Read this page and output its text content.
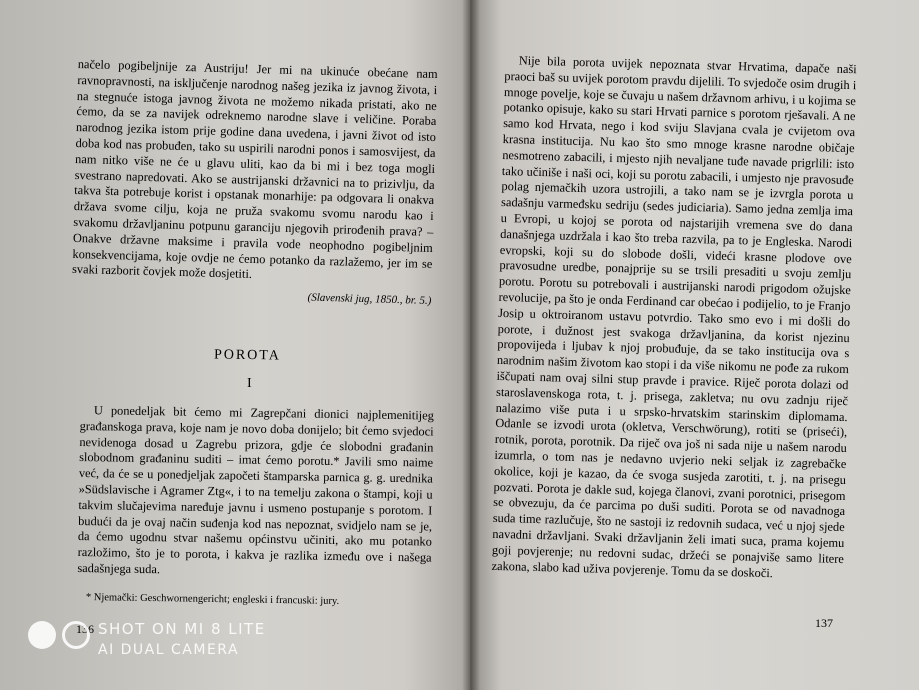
načelo pogibeljnije za Austriju! Jer mi na ukinuće obećane nam ravnopravnosti, na isključenje narodnog našeg jezika iz javnog života, i na stegnuće istoga javnog života ne možemo nikada pristati, ako ne ćemo, da se za navijek odreknemo narodne slave i veličine. Poraba narodnog jezika istom prije godine dana uvedena, i javni život od isto doba kod nas probuđen, tako su uspirili narodni ponos i samosvijest, da nam nitko više ne će u glavu uliti, kao da bi mi i bez toga mogli svestrano napredovati. Ako se austrijanski državnici na to prizivlju, da takva šta potrebuje korist i opstanak monarhije: pa odgovara li onakva država svome cilju, koja ne pruža svakomu svomu narodu kao i svakomu državljaninu potpunu garanciju njegovih prirođenih prava? – Onakve državne maksime i pravila vode neophodno pogibeljnim konsekvencijama, koje ovdje ne ćemo potanko da razlažemo, jer im se svaki razborit čovjek može dosjetiti.

(Slavenski jug, 1850., br. 5.)
POROTA
I

U ponedeljak bit ćemo mi Zagrepčani dionici najplemenitijeg građanskoga prava, koje nam je novo doba donijelo; bit ćemo svjedoci nevidenoga dosad u Zagrebu prizora, gdje će slobodni građanin slobodnom građaninu suditi – imat ćemo porotu.* Javili smo naime već, da će se u ponedjeljak započeti štamparska parnica g. g. urednika »Südslavische i Agramer Ztg«, i to na temelju zakona o štampi, koji u takvim slučajevima naređuje javnu i usmeno postupanje s porotom. I budući da je ovaj način suđenja kod nas nepoznat, svidjelo nam se je, da ćemo ugodnu stvar našemu općinstvu učiniti, ako mu potanko razložimo, što je to porota, i kakva je razlika između ove i našega sadašnjega suda.

* Njemački: Geschwornengericht; engleski i francuski: jury.
136

Nije bila porota uvijek nepoznata stvar Hrvatima, dapače naši praoci baš su uvijek porotom pravdu dijelili. To svjedoče osim drugih i mnoge povelje, koje se čuvaju u našem državnom arhivu, i u kojima se potanko opisuje, kako su stari Hrvati parnice s porotom rješavali. A ne samo kod Hrvata, nego i kod sviju Slavjana cvala je cvijetom ova krasna institucija. Nu kao što smo mnoge krasne narodne običaje nesmotreno zabacili, i mjesto njih nevaljane tuđe navade prigrlili: isto tako učiniše i naši oci, koji su porotu zabacili, i umjesto nje pravosuđe polag njemačkih uzora ustrojili, a tako nam se je izvrgla porota u sadašnju varmeđsku sedriju (sedes judiciaria). Samo jedna zemlja ima u Evropi, u kojoj se porota od najstarijih vremena sve do dana današnjega uzdržala i kao što treba razvila, pa to je Engleska. Narodi evropski, koji su do slobode došli, videći krasne plodove ove pravosudne uredbe, ponajprije su se trsili presaditi u svoju zemlju porotu. Porotu su potrebovali i austrijanski narodi prigodom ožujske revolucije, pa što je onda Ferdinand car obećao i podijelio, to je Franjo Josip u oktroiranom ustavu potvrdio. Tako smo evo i mi došli do porote, i dužnost jest svakoga državljanina, da korist njezinu propovijeda i ljubav k njoj probuđuje, da se tako institucija ova s narodnim našim životom kao stopi i da više nikomu ne pođe za rukom iščupati nam ovaj silni stup pravde i pravice. Riječ porota dolazi od staroslavenskoga rota, t. j. prisega, zakletva; nu ovu zadnju riječ nalazimo više puta i u srpsko-hrvatskim starinskim diplomama. Odanle se izvodi urota (okletva, Verschwörung), rotiti se (priseći), rotnik, porota, porotnik. Da riječ ova još ni sada nije u našem narodu izumrla, o tom nas je nedavno uvjerio neki seljak iz zagrebačke okolice, koji je kazao, da će svoga susjeda zarotiti, t. j. na prisegu pozvati. Porota je dakle sud, kojega članovi, zvani porotnici, prisegom se obvezuju, da će parcima po duši suditi. Porota se od navadnoga suda time razlučuje, što ne sastoji iz redovnih sudaca, već u njoj sjede navadni državljani. Svaki državljanin želi imati suca, prama kojemu goji povjerenje; nu redovni sudac, držeći se ponajviše samo litere zakona, slabo kad uživa povjerenje. Tomu da se doskoči.

137
SHOT ON MI 8 LITE
AI DUAL CAMERA
